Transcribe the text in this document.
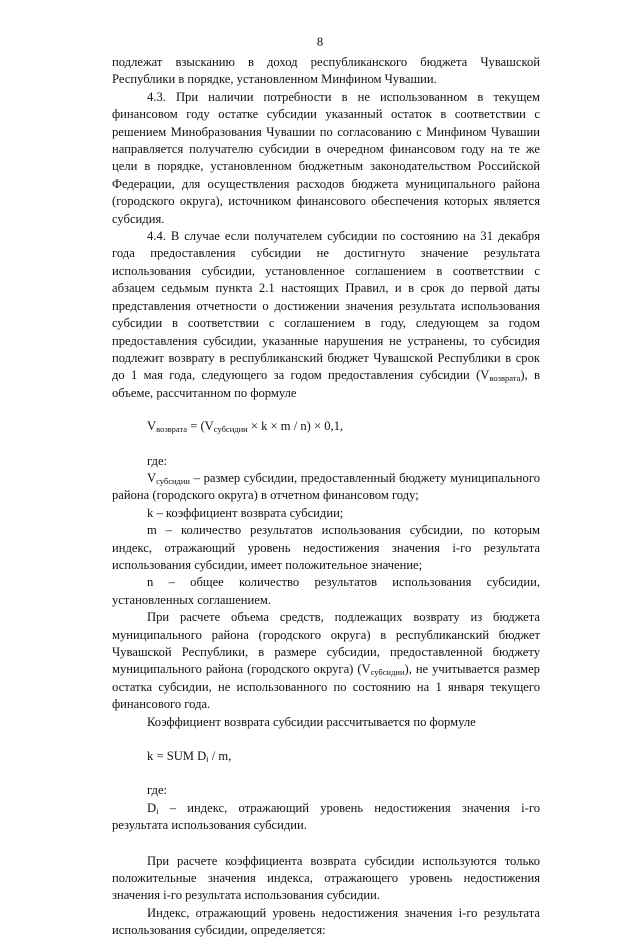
8

подлежат взысканию в доход республиканского бюджета Чувашской Республики в порядке, установленном Минфином Чувашии.

4.3. При наличии потребности в не использованном в текущем финансовом году остатке субсидии указанный остаток в соответствии с решением Минобразования Чувашии по согласованию с Минфином Чувашии направляется получателю субсидии в очередном финансовом году на те же цели в порядке, установленном бюджетным законодательством Российской Федерации, для осуществления расходов бюджета муниципального района (городского округа), источником финансового обеспечения которых является субсидия.

4.4. В случае если получателем субсидии по состоянию на 31 декабря года предоставления субсидии не достигнуто значение результата использования субсидии, установленное соглашением в соответствии с абзацем седьмым пункта 2.1 настоящих Правил, и в срок до первой даты представления отчетности о достижении значения результата использования субсидии в соответствии с соглашением в году, следующем за годом предоставления субсидии, указанные нарушения не устранены, то субсидия подлежит возврату в республиканский бюджет Чувашской Республики в срок до 1 мая года, следующего за годом предоставления субсидии $(V_{возврата})$, в объеме, рассчитанном по формуле

$V_{возврата} = (V_{субсидии} \times k \times m / n) \times 0,1$,

где:

$V_{субсидии}$ – размер субсидии, предоставленный бюджету муниципального района (городского округа) в отчетном финансовом году;

k – коэффициент возврата субсидии;

m – количество результатов использования субсидии, по которым индекс, отражающий уровень недостижения значения i-го результата использования субсидии, имеет положительное значение;

n – общее количество результатов использования субсидии, установленных соглашением.

При расчете объема средств, подлежащих возврату из бюджета муниципального района (городского округа) в республиканский бюджет Чувашской Республики, в размере субсидии, предоставленной бюджету муниципального района (городского округа) $(V_{субсидии})$, не учитывается размер остатка субсидии, не использованного по состоянию на 1 января текущего финансового года.

Коэффициент возврата субсидии рассчитывается по формуле

k = SUM $D_i$ / m,

где:

$D_i$ – индекс, отражающий уровень недостижения значения i-го результата использования субсидии.

При расчете коэффициента возврата субсидии используются только положительные значения индекса, отражающего уровень недостижения значения i-го результата использования субсидии.

Индекс, отражающий уровень недостижения значения i-го результата использования субсидии, определяется:
